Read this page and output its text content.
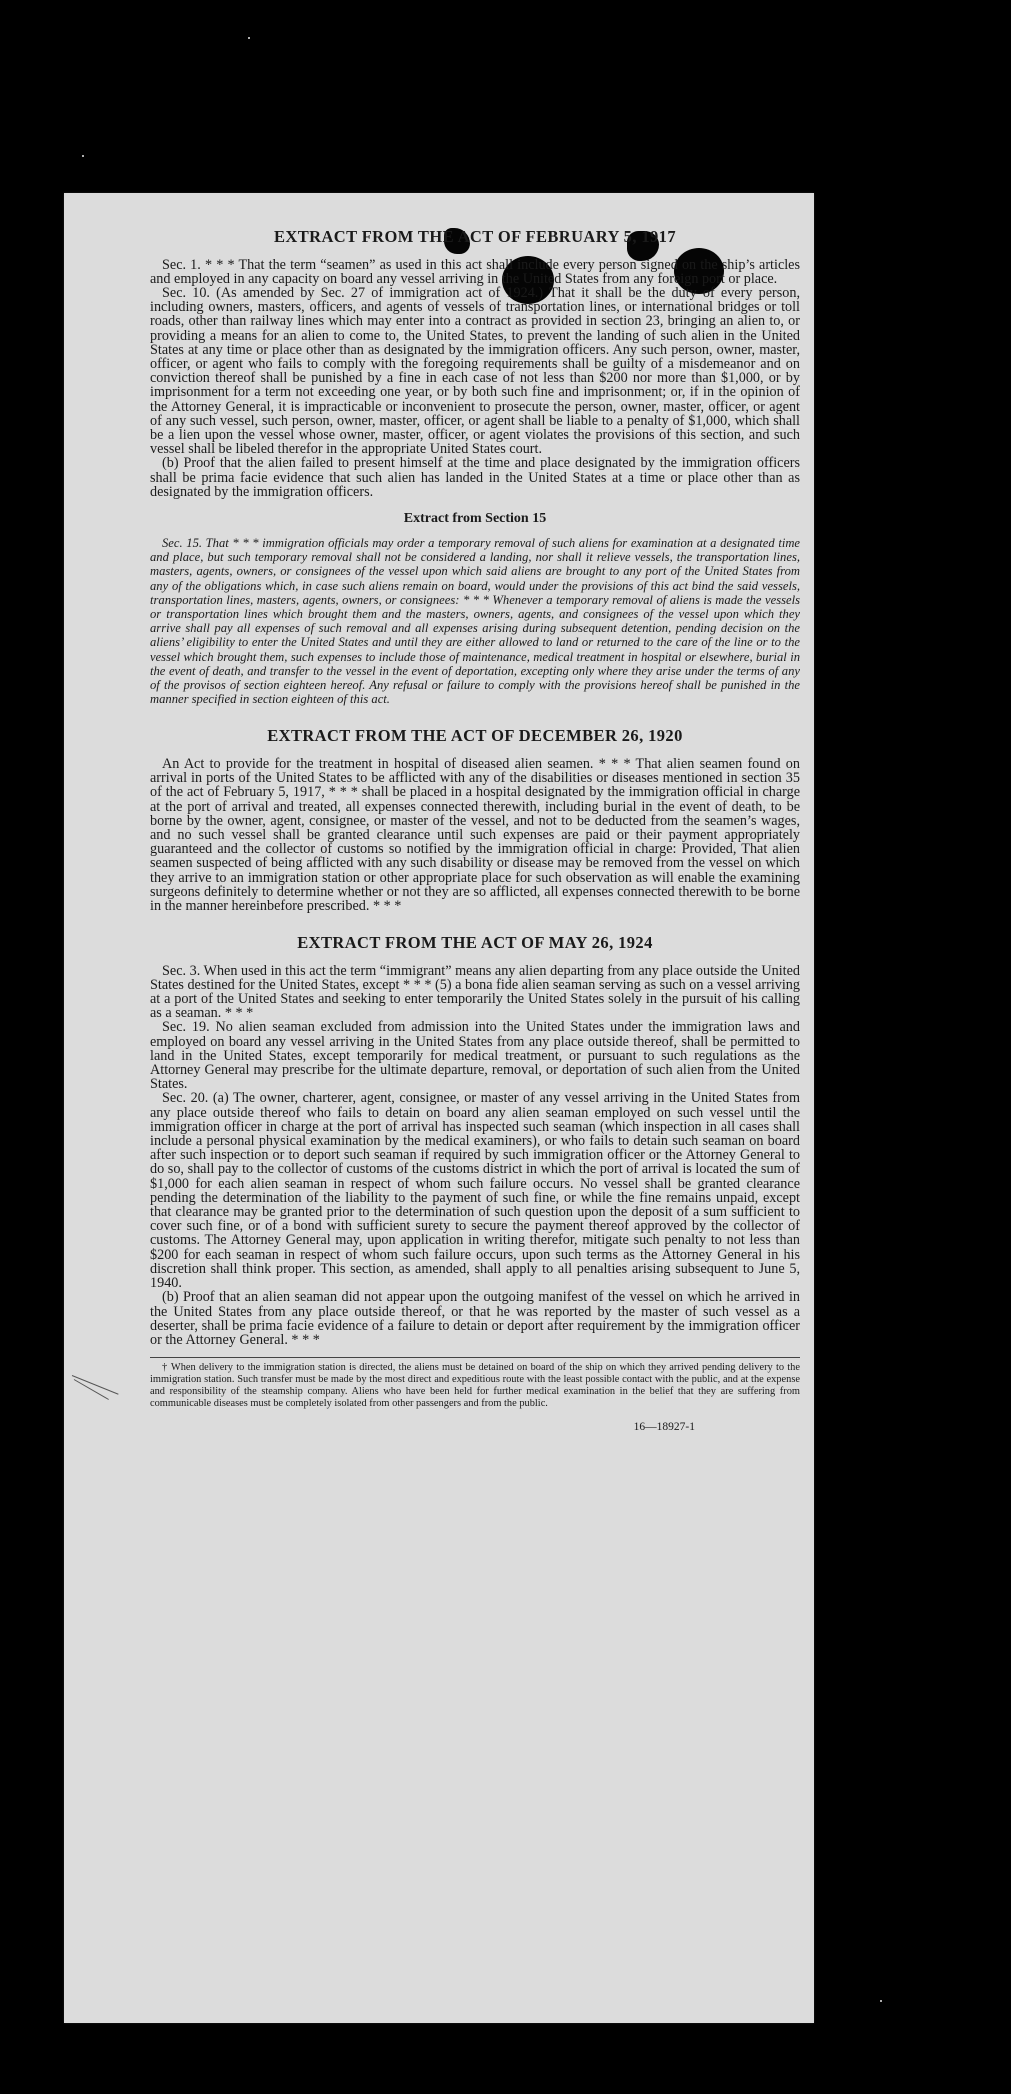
EXTRACT FROM THE ACT OF FEBRUARY 5, 1917

Sec. 1. * * * That the term “seamen” as used in this act shall include every person signed on the ship’s articles and employed in any capacity on board any vessel arriving in the United States from any foreign port or place.

Sec. 10. (As amended by Sec. 27 of immigration act of 1924.) That it shall be the duty of every person, including owners, masters, officers, and agents of vessels of transportation lines, or international bridges or toll roads, other than railway lines which may enter into a contract as provided in section 23, bringing an alien to, or providing a means for an alien to come to, the United States, to prevent the landing of such alien in the United States at any time or place other than as designated by the immigration officers. Any such person, owner, master, officer, or agent who fails to comply with the foregoing requirements shall be guilty of a misdemeanor and on conviction thereof shall be punished by a fine in each case of not less than $200 nor more than $1,000, or by imprisonment for a term not exceeding one year, or by both such fine and imprisonment; or, if in the opinion of the Attorney General, it is impracticable or inconvenient to prosecute the person, owner, master, officer, or agent of any such vessel, such person, owner, master, officer, or agent shall be liable to a penalty of $1,000, which shall be a lien upon the vessel whose owner, master, officer, or agent violates the provisions of this section, and such vessel shall be libeled therefor in the appropriate United States court.

(b) Proof that the alien failed to present himself at the time and place designated by the immigration officers shall be prima facie evidence that such alien has landed in the United States at a time or place other than as designated by the immigration officers.

Extract from Section 15

Sec. 15. That * * * immigration officials may order a temporary removal of such aliens for examination at a designated time and place, but such temporary removal shall not be considered a landing, nor shall it relieve vessels, the transportation lines, masters, agents, owners, or consignees of the vessel upon which said aliens are brought to any port of the United States from any of the obligations which, in case such aliens remain on board, would under the provisions of this act bind the said vessels, transportation lines, masters, agents, owners, or consignees: * * * Whenever a temporary removal of aliens is made the vessels or transportation lines which brought them and the masters, owners, agents, and consignees of the vessel upon which they arrive shall pay all expenses of such removal and all expenses arising during subsequent detention, pending decision on the aliens’ eligibility to enter the United States and until they are either allowed to land or returned to the care of the line or to the vessel which brought them, such expenses to include those of maintenance, medical treatment in hospital or elsewhere, burial in the event of death, and transfer to the vessel in the event of deportation, excepting only where they arise under the terms of any of the provisos of section eighteen hereof. Any refusal or failure to comply with the provisions hereof shall be punished in the manner specified in section eighteen of this act.

EXTRACT FROM THE ACT OF DECEMBER 26, 1920

An Act to provide for the treatment in hospital of diseased alien seamen. * * * That alien seamen found on arrival in ports of the United States to be afflicted with any of the disabilities or diseases mentioned in section 35 of the act of February 5, 1917, * * * shall be placed in a hospital designated by the immigration official in charge at the port of arrival and treated, all expenses connected therewith, including burial in the event of death, to be borne by the owner, agent, consignee, or master of the vessel, and not to be deducted from the seamen’s wages, and no such vessel shall be granted clearance until such expenses are paid or their payment appropriately guaranteed and the collector of customs so notified by the immigration official in charge: Provided, That alien seamen suspected of being afflicted with any such disability or disease may be removed from the vessel on which they arrive to an immigration station or other appropriate place for such observation as will enable the examining surgeons definitely to determine whether or not they are so afflicted, all expenses connected therewith to be borne in the manner hereinbefore prescribed. * * *

EXTRACT FROM THE ACT OF MAY 26, 1924

Sec. 3. When used in this act the term “immigrant” means any alien departing from any place outside the United States destined for the United States, except * * * (5) a bona fide alien seaman serving as such on a vessel arriving at a port of the United States and seeking to enter temporarily the United States solely in the pursuit of his calling as a seaman. * * *

Sec. 19. No alien seaman excluded from admission into the United States under the immigration laws and employed on board any vessel arriving in the United States from any place outside thereof, shall be permitted to land in the United States, except temporarily for medical treatment, or pursuant to such regulations as the Attorney General may prescribe for the ultimate departure, removal, or deportation of such alien from the United States.

Sec. 20. (a) The owner, charterer, agent, consignee, or master of any vessel arriving in the United States from any place outside thereof who fails to detain on board any alien seaman employed on such vessel until the immigration officer in charge at the port of arrival has inspected such seaman (which inspection in all cases shall include a personal physical examination by the medical examiners), or who fails to detain such seaman on board after such inspection or to deport such seaman if required by such immigration officer or the Attorney General to do so, shall pay to the collector of customs of the customs district in which the port of arrival is located the sum of $1,000 for each alien seaman in respect of whom such failure occurs. No vessel shall be granted clearance pending the determination of the liability to the payment of such fine, or while the fine remains unpaid, except that clearance may be granted prior to the determination of such question upon the deposit of a sum sufficient to cover such fine, or of a bond with sufficient surety to secure the payment thereof approved by the collector of customs. The Attorney General may, upon application in writing therefor, mitigate such penalty to not less than $200 for each seaman in respect of whom such failure occurs, upon such terms as the Attorney General in his discretion shall think proper. This section, as amended, shall apply to all penalties arising subsequent to June 5, 1940.

(b) Proof that an alien seaman did not appear upon the outgoing manifest of the vessel on which he arrived in the United States from any place outside thereof, or that he was reported by the master of such vessel as a deserter, shall be prima facie evidence of a failure to detain or deport after requirement by the immigration officer or the Attorney General. * * *

† When delivery to the immigration station is directed, the aliens must be detained on board of the ship on which they arrived pending delivery to the immigration station. Such transfer must be made by the most direct and expeditious route with the least possible contact with the public, and at the expense and responsibility of the steamship company. Aliens who have been held for further medical examination in the belief that they are suffering from communicable diseases must be completely isolated from other passengers and from the public.
16—18927-1
